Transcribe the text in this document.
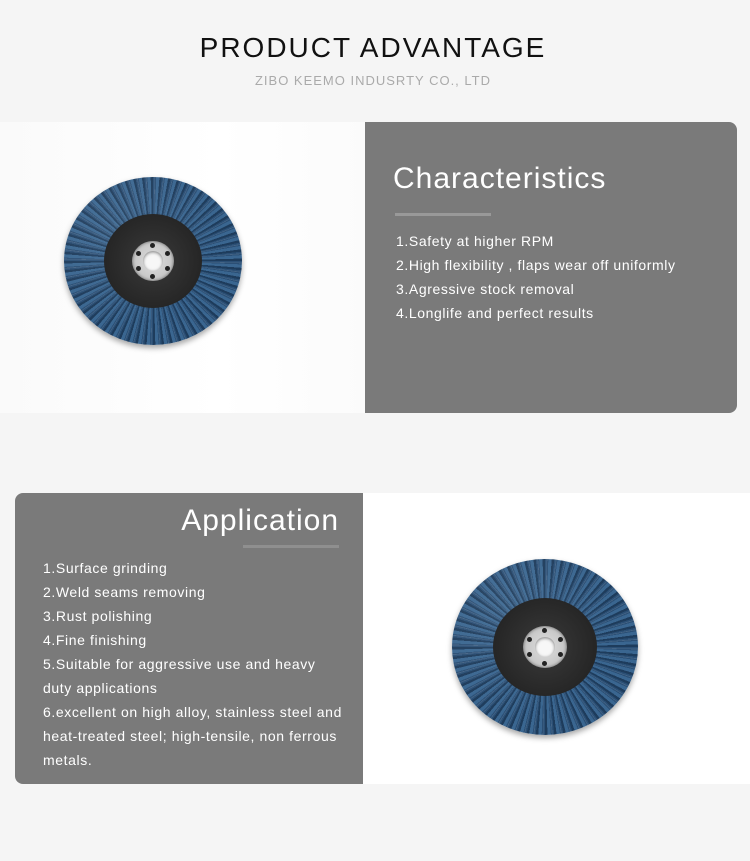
PRODUCT ADVANTAGE
ZIBO KEEMO INDUSRTY CO., LTD
Characteristics
1.Safety at higher RPM
2.High flexibility , flaps wear off uniformly
3.Agressive stock removal
4.Longlife and perfect results
Application
1.Surface grinding
2.Weld seams removing
3.Rust polishing
4.Fine finishing
5.Suitable for aggressive use and heavy duty applications
6.excellent on high alloy, stainless steel and heat-treated steel; high-tensile, non ferrous metals.
